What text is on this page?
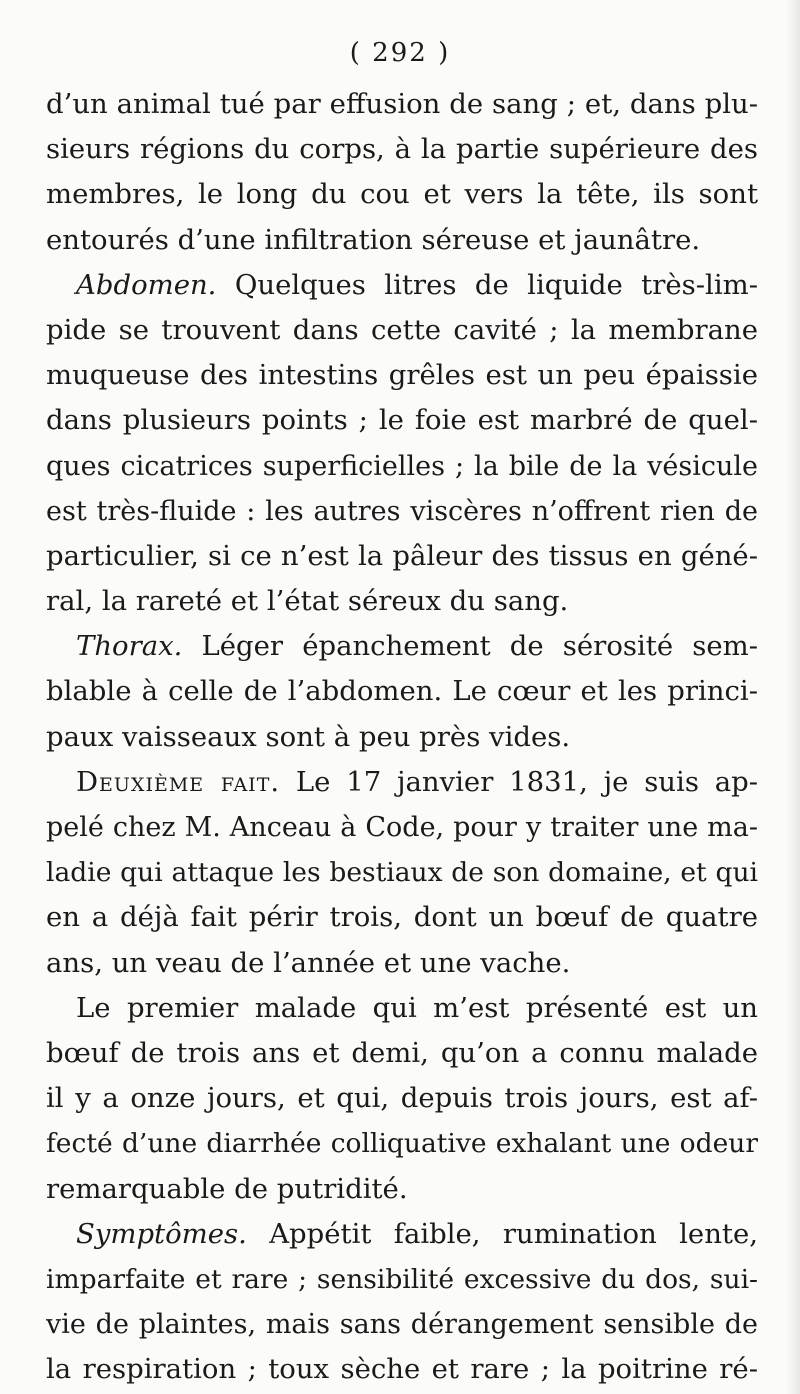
( 292 )
d’un animal tué par effusion de sang ; et, dans plu-
sieurs régions du corps, à la partie supérieure des
membres, le long du cou et vers la tête, ils sont
entourés d’une infiltration séreuse et jaunâtre.
Abdomen. Quelques litres de liquide très-lim-
pide se trouvent dans cette cavité ; la membrane
muqueuse des intestins grêles est un peu épaissie
dans plusieurs points ; le foie est marbré de quel-
ques cicatrices superficielles ; la bile de la vésicule
est très-fluide : les autres viscères n’offrent rien de
particulier, si ce n’est la pâleur des tissus en géné-
ral, la rareté et l’état séreux du sang.
Thorax. Léger épanchement de sérosité sem-
blable à celle de l’abdomen. Le cœur et les princi-
paux vaisseaux sont à peu près vides.
Deuxième fait. Le 17 janvier 1831, je suis ap-
pelé chez M. Anceau à Code, pour y traiter une ma-
ladie qui attaque les bestiaux de son domaine, et qui
en a déjà fait périr trois, dont un bœuf de quatre
ans, un veau de l’année et une vache.
Le premier malade qui m’est présenté est un
bœuf de trois ans et demi, qu’on a connu malade
il y a onze jours, et qui, depuis trois jours, est af-
fecté d’une diarrhée colliquative exhalant une odeur
remarquable de putridité.
Symptômes. Appétit faible, rumination lente,
imparfaite et rare ; sensibilité excessive du dos, sui-
vie de plaintes, mais sans dérangement sensible de
la respiration ; toux sèche et rare ; la poitrine ré-
